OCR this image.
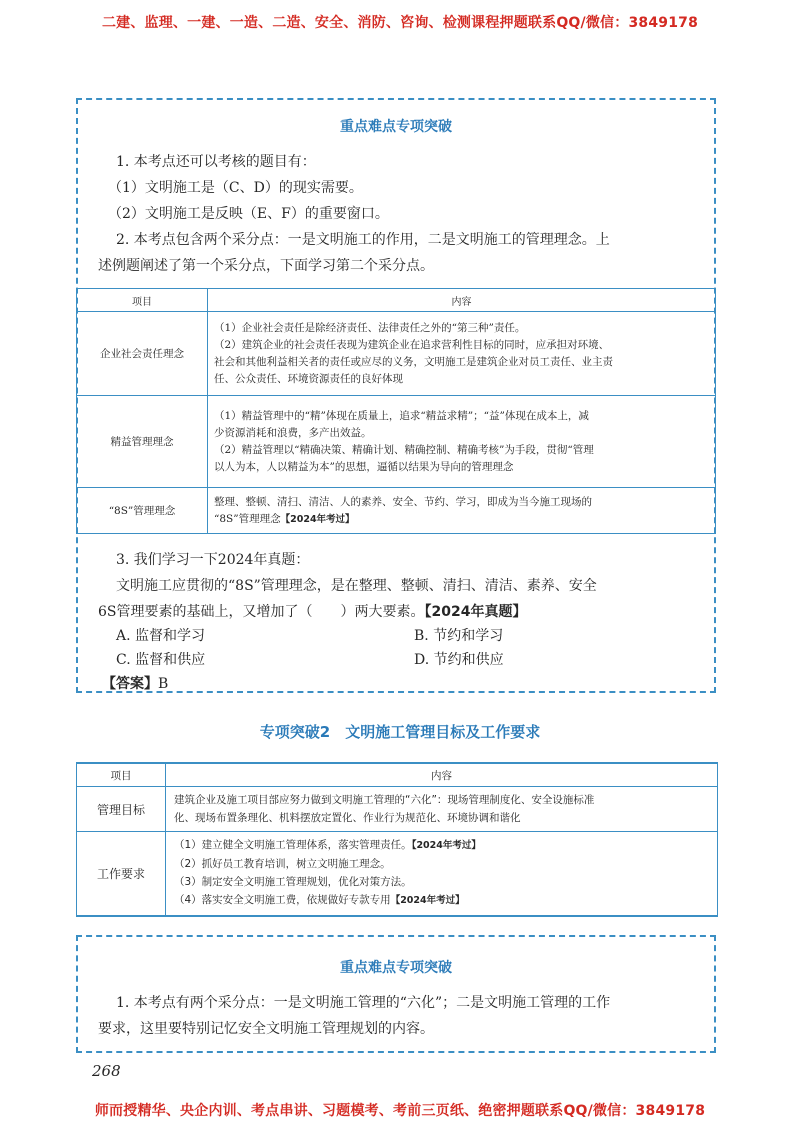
二建、监理、一建、一造、二造、安全、消防、咨询、检测课程押题联系QQ/微信：3849178
重点难点专项突破
1. 本考点还可以考核的题目有：
（1）文明施工是（C、D）的现实需要。
（2）文明施工是反映（E、F）的重要窗口。
2. 本考点包含两个采分点：一是文明施工的作用，二是文明施工的管理理念。上
述例题阐述了第一个采分点，下面学习第二个采分点。
项目	内容
企业社会责任理念	（1）企业社会责任是除经济责任、法律责任之外的“第三种”责任。
（2）建筑企业的社会责任表现为建筑企业在追求营利性目标的同时，应承担对环境、
社会和其他利益相关者的责任或应尽的义务，文明施工是建筑企业对员工责任、业主责
任、公众责任、环境资源责任的良好体现

精益管理理念	（1）精益管理中的“精”体现在质量上，追求“精益求精”；“益”体现在成本上，减
少资源消耗和浪费，多产出效益。
（2）精益管理以“精确决策、精确计划、精确控制、精确考核”为手段，贯彻“管理
以人为本，人以精益为本”的思想，逼循以结果为导向的管理理念

“8S”管理理念	整理、整顿、清扫、清洁、人的素养、安全、节约、学习，即成为当今施工现场的
“8S”管理理念【2024年考过】
3. 我们学习一下2024年真题：
文明施工应贯彻的“8S”管理理念，是在整理、整顿、清扫、清洁、素养、安全
6S管理要素的基础上，又增加了（　　）两大要素。【2024年真题】
A. 监督和学习	B. 节约和学习
C. 监督和供应	D. 节约和供应
【答案】B
专项突破2　文明施工管理目标及工作要求
项目	内容
管理目标	建筑企业及施工项目部应努力做到文明施工管理的“六化”：现场管理制度化、安全设施标准
化、现场布置条理化、机料摆放定置化、作业行为规范化、环境协调和谐化

工作要求	（1）建立健全文明施工管理体系，落实管理责任。【2024年考过】
（2）抓好员工教育培训，树立文明施工理念。
（3）制定安全文明施工管理规划，优化对策方法。
（4）落实安全文明施工费，依规做好专款专用【2024年考过】
重点难点专项突破
1. 本考点有两个采分点：一是文明施工管理的“六化”；二是文明施工管理的工作
要求，这里要特别记忆安全文明施工管理规划的内容。
268
师而授精华、央企内训、考点串讲、习题模考、考前三页纸、绝密押题联系QQ/微信：3849178
